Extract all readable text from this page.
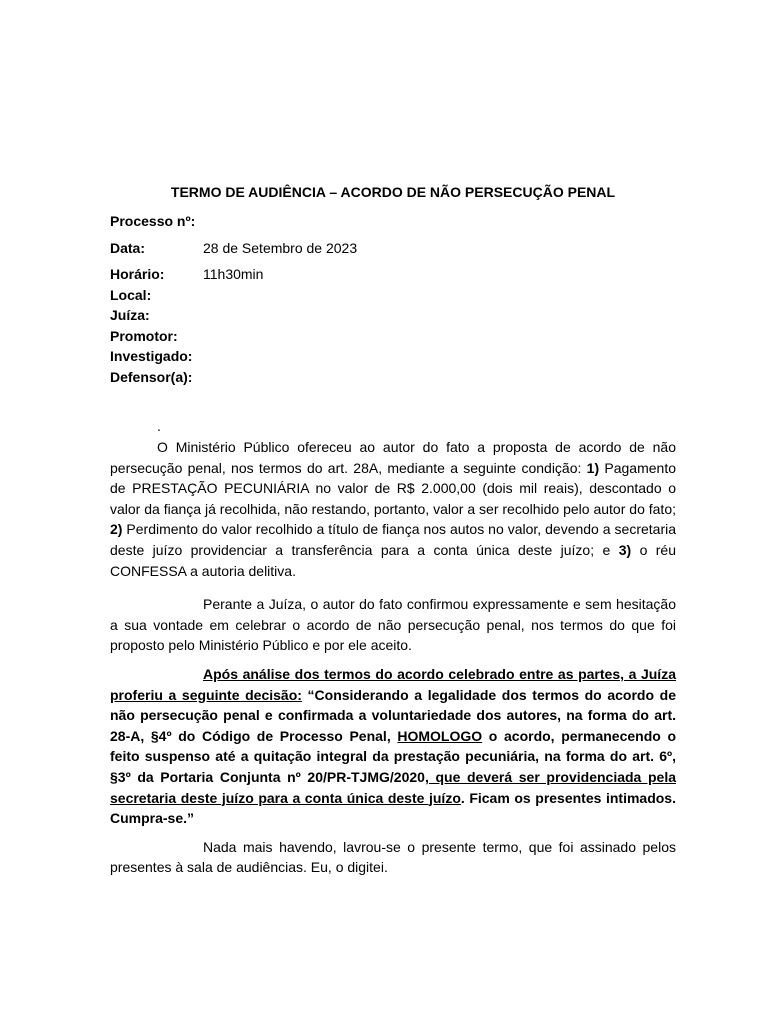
TERMO DE AUDIÊNCIA – ACORDO DE NÃO PERSECUÇÃO PENAL
Processo nº:
Data:	28 de Setembro de 2023
Horário:	11h30min
Local:
Juíza:
Promotor:
Investigado:
Defensor(a):
.

O Ministério Público ofereceu ao autor do fato a proposta de acordo de não persecução penal, nos termos do art. 28A, mediante a seguinte condição: 1) Pagamento de PRESTAÇÃO PECUNIÁRIA no valor de R$ 2.000,00 (dois mil reais), descontado o valor da fiança já recolhida, não restando, portanto, valor a ser recolhido pelo autor do fato; 2) Perdimento do valor recolhido a título de fiança nos autos no valor, devendo a secretaria deste juízo providenciar a transferência para a conta única deste juízo; e 3) o réu CONFESSA a autoria delitiva.

Perante a Juíza, o autor do fato confirmou expressamente e sem hesitação a sua vontade em celebrar o acordo de não persecução penal, nos termos do que foi proposto pelo Ministério Público e por ele aceito.

Após análise dos termos do acordo celebrado entre as partes, a Juíza proferiu a seguinte decisão: “Considerando a legalidade dos termos do acordo de não persecução penal e confirmada a voluntariedade dos autores, na forma do art. 28-A, §4º do Código de Processo Penal, HOMOLOGO o acordo, permanecendo o feito suspenso até a quitação integral da prestação pecuniária, na forma do art. 6º, §3º da Portaria Conjunta nº 20/PR-TJMG/2020, que deverá ser providenciada pela secretaria deste juízo para a conta única deste juízo. Ficam os presentes intimados. Cumpra-se.”

Nada mais havendo, lavrou-se o presente termo, que foi assinado pelos presentes à sala de audiências. Eu, o digitei.
